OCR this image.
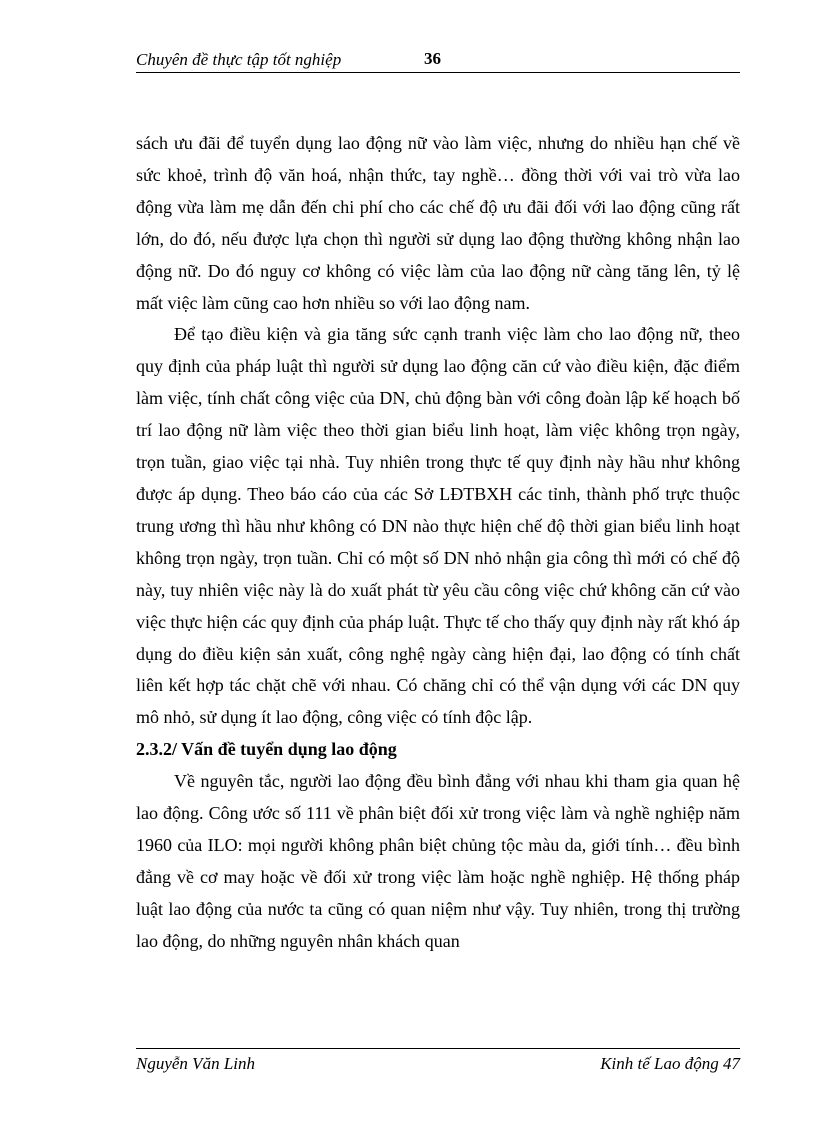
Chuyên đề thực tập tốt nghiệp	36

sách ưu đãi để tuyển dụng lao động nữ vào làm việc, nhưng do nhiều hạn chế về sức khoẻ, trình độ văn hoá, nhận thức, tay nghề… đồng thời với vai trò vừa lao động vừa làm mẹ dẫn đến chi phí cho các chế độ ưu đãi đối với lao động cũng rất lớn, do đó, nếu được lựa chọn thì người sử dụng lao động thường không nhận lao động nữ. Do đó nguy cơ không có việc làm của lao động nữ càng tăng lên, tỷ lệ mất việc làm cũng cao hơn nhiều so với lao động nam.

Để tạo điều kiện và gia tăng sức cạnh tranh việc làm cho lao động nữ, theo quy định của pháp luật thì người sử dụng lao động căn cứ vào điều kiện, đặc điểm làm việc, tính chất công việc của DN, chủ động bàn với công đoàn lập kế hoạch bố trí lao động nữ làm việc theo thời gian biểu linh hoạt, làm việc không trọn ngày, trọn tuần, giao việc tại nhà. Tuy nhiên trong thực tế quy định này hầu như không được áp dụng. Theo báo cáo của các Sở LĐTBXH các tỉnh, thành phố trực thuộc trung ương thì hầu như không có DN nào thực hiện chế độ thời gian biểu linh hoạt không trọn ngày, trọn tuần. Chỉ có một số DN nhỏ nhận gia công thì mới có chế độ này, tuy nhiên việc này là do xuất phát từ yêu cầu công việc chứ không căn cứ vào việc thực hiện các quy định của pháp luật. Thực tế cho thấy quy định này rất khó áp dụng do điều kiện sản xuất, công nghệ ngày càng hiện đại, lao động có tính chất liên kết hợp tác chặt chẽ với nhau. Có chăng chỉ có thể vận dụng với các DN quy mô nhỏ, sử dụng ít lao động, công việc có tính độc lập.

2.3.2/ Vấn đề tuyển dụng lao động

Về nguyên tắc, người lao động đều bình đẳng với nhau khi tham gia quan hệ lao động. Công ước số 111 về phân biệt đối xử trong việc làm và nghề nghiệp năm 1960 của ILO: mọi người không phân biệt chủng tộc màu da, giới tính… đều bình đẳng về cơ may hoặc về đối xử trong việc làm hoặc nghề nghiệp. Hệ thống pháp luật lao động của nước ta cũng có quan niệm như vậy. Tuy nhiên, trong thị trường lao động, do những nguyên nhân khách quan

Nguyễn Văn Linh	Kinh tế Lao động 47
